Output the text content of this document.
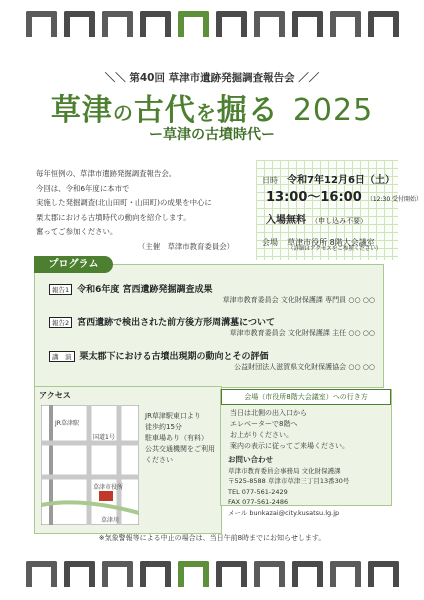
＼＼ 第40回 草津市遺跡発掘調査報告会 ／／
草津の古代を掘る 2025
ー草津の古墳時代ー
毎年恒例の、草津市遺跡発掘調査報告会。
今回は、令和6年度に本市で
実施した発掘調査(北山田町・山田町)の成果を中心に
栗太郡における古墳時代の動向を紹介します。
奮ってご参加ください。
（主催　草津市教育委員会）
日時 令和7年12月6日（土）
13:00～16:00 （12:30 受付開始）
入場無料 （申し込み不要）
会場 草津市役所 8階大会議室
（詳細はアクセスをご参照ください）
報告1 令和6年度 宮西遺跡発掘調査成果
草津市教育委員会 文化財保護課 専門員 ○○ ○○
報告2 宮西遺跡で検出された前方後方形周溝墓について
草津市教育委員会 文化財保護課 主任 ○○ ○○
講　演 栗太郡下における古墳出現期の動向とその評価
公益財団法人滋賀県文化財保護協会 ○○ ○○
プログラム
アクセス
JR草津駅
草津市役所
国道1号
草津川
JR草津駅東口より
徒歩約15分
駐車場あり（有料）
公共交通機関をご利用ください
会場（市役所8階大会議室）への行き方
当日は北側の出入口から
エレベーターで8階へ
お上がりください。
案内の表示に従ってご来場ください。
お問い合わせ
草津市教育委員会事務局 文化財保護課
〒525-8588 草津市草津三丁目13番30号
TEL 077-561-2429
FAX 077-561-2486
メール bunkazai@city.kusatsu.lg.jp
※気象警報等による中止の場合は、当日午前8時までにお知らせします。
